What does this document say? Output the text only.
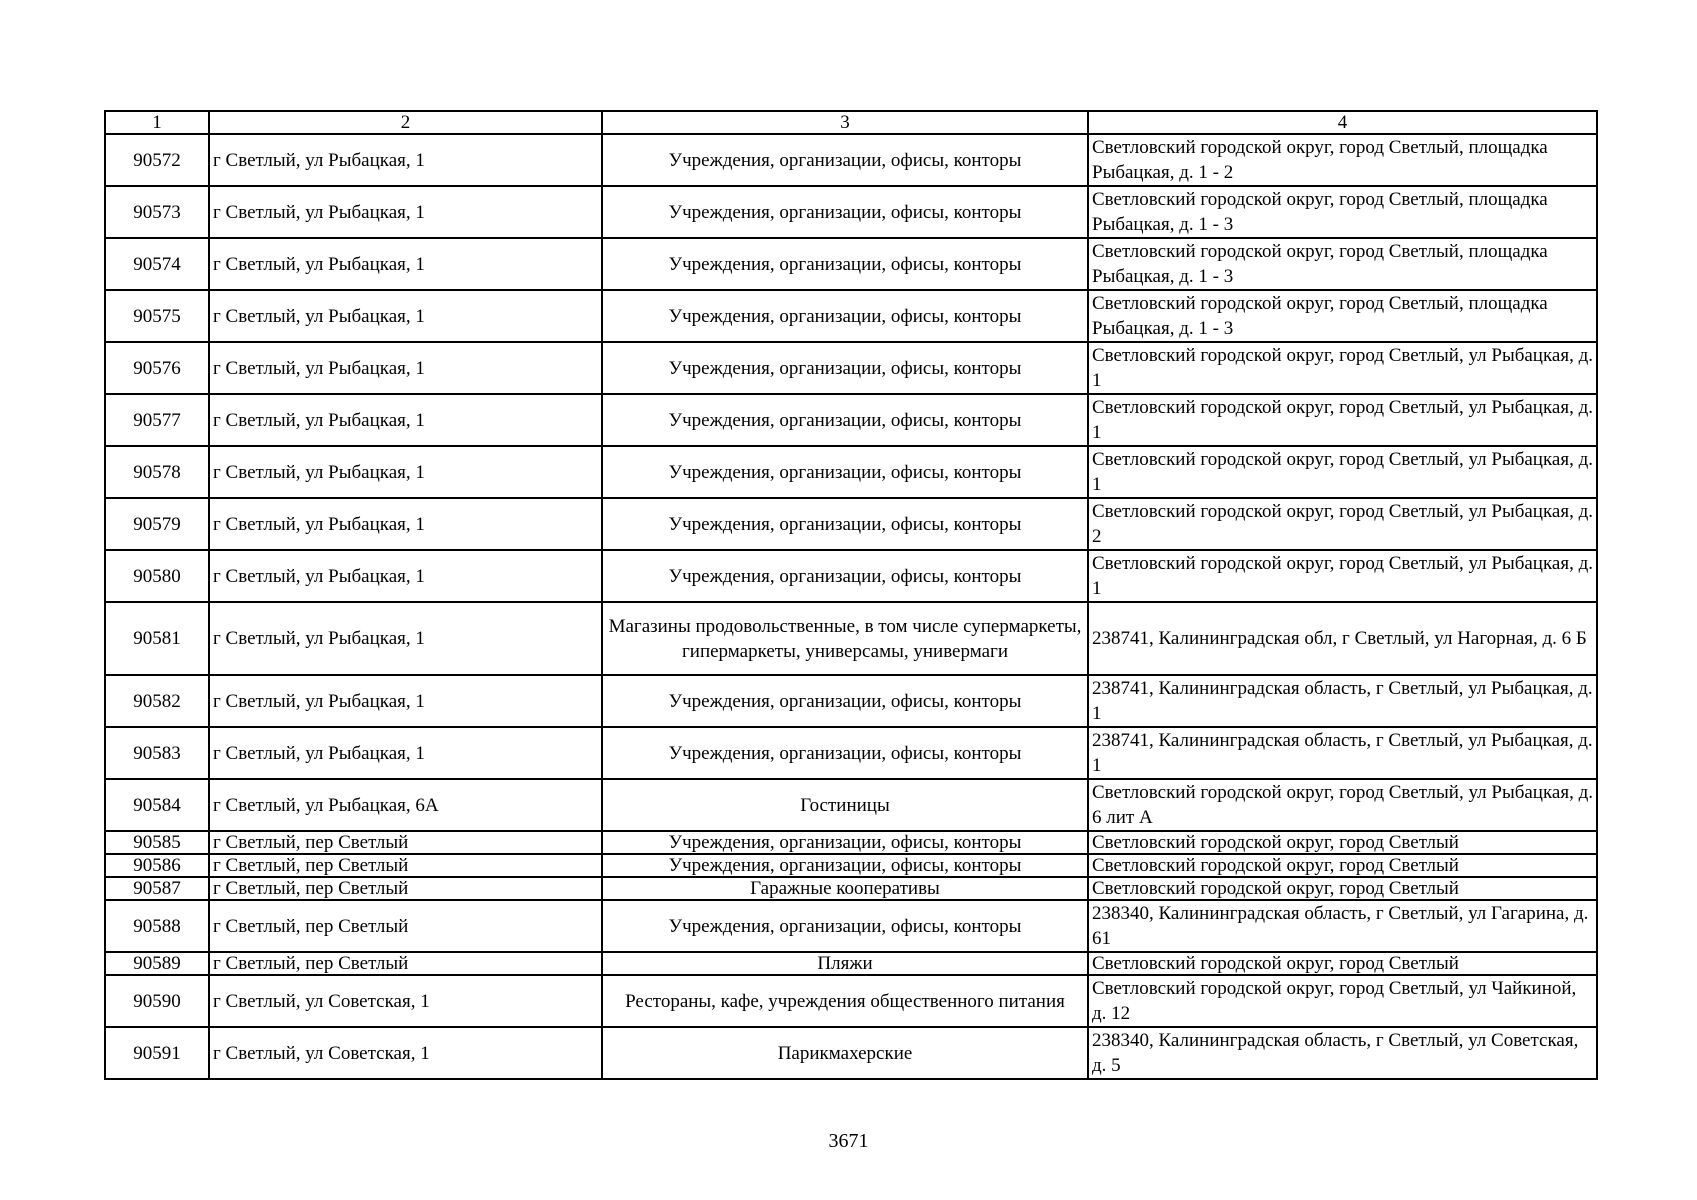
1	2	3	4
90572	г Светлый, ул Рыбацкая, 1	Учреждения, организации, офисы, конторы	Светловский городской округ, город Светлый, площадка Рыбацкая, д. 1 - 2
90573	г Светлый, ул Рыбацкая, 1	Учреждения, организации, офисы, конторы	Светловский городской округ, город Светлый, площадка Рыбацкая, д. 1 - 3
90574	г Светлый, ул Рыбацкая, 1	Учреждения, организации, офисы, конторы	Светловский городской округ, город Светлый, площадка Рыбацкая, д. 1 - 3
90575	г Светлый, ул Рыбацкая, 1	Учреждения, организации, офисы, конторы	Светловский городской округ, город Светлый, площадка Рыбацкая, д. 1 - 3
90576	г Светлый, ул Рыбацкая, 1	Учреждения, организации, офисы, конторы	Светловский городской округ, город Светлый, ул Рыбацкая, д. 1
90577	г Светлый, ул Рыбацкая, 1	Учреждения, организации, офисы, конторы	Светловский городской округ, город Светлый, ул Рыбацкая, д. 1
90578	г Светлый, ул Рыбацкая, 1	Учреждения, организации, офисы, конторы	Светловский городской округ, город Светлый, ул Рыбацкая, д. 1
90579	г Светлый, ул Рыбацкая, 1	Учреждения, организации, офисы, конторы	Светловский городской округ, город Светлый, ул Рыбацкая, д. 2
90580	г Светлый, ул Рыбацкая, 1	Учреждения, организации, офисы, конторы	Светловский городской округ, город Светлый, ул Рыбацкая, д. 1
90581	г Светлый, ул Рыбацкая, 1	Магазины продовольственные, в том числе супермаркеты, гипермаркеты, универсамы, универмаги	238741, Калининградская обл, г Светлый, ул Нагорная, д. 6 Б
90582	г Светлый, ул Рыбацкая, 1	Учреждения, организации, офисы, конторы	238741, Калининградская область, г Светлый, ул Рыбацкая, д. 1
90583	г Светлый, ул Рыбацкая, 1	Учреждения, организации, офисы, конторы	238741, Калининградская область, г Светлый, ул Рыбацкая, д. 1
90584	г Светлый, ул Рыбацкая, 6А	Гостиницы	Светловский городской округ, город Светлый, ул Рыбацкая, д. 6 лит А
90585	г Светлый, пер Светлый	Учреждения, организации, офисы, конторы	Светловский городской округ, город Светлый
90586	г Светлый, пер Светлый	Учреждения, организации, офисы, конторы	Светловский городской округ, город Светлый
90587	г Светлый, пер Светлый	Гаражные кооперативы	Светловский городской округ, город Светлый
90588	г Светлый, пер Светлый	Учреждения, организации, офисы, конторы	238340, Калининградская область, г Светлый, ул Гагарина, д. 61
90589	г Светлый, пер Светлый	Пляжи	Светловский городской округ, город Светлый
90590	г Светлый, ул Советская, 1	Рестораны, кафе, учреждения общественного питания	Светловский городской округ, город Светлый, ул Чайкиной, д. 12
90591	г Светлый, ул Советская, 1	Парикмахерские	238340, Калининградская область, г Светлый, ул Советская, д. 5
3671
